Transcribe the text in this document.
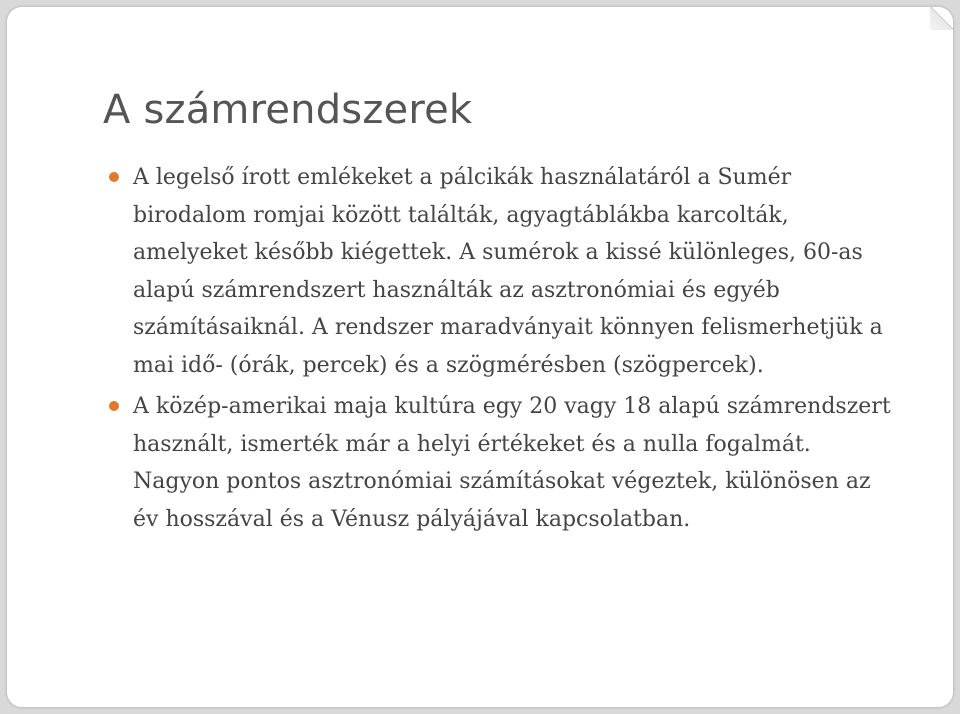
A számrendszerek
A legelső írott emlékeket a pálcikák használatáról a Sumér birodalom romjai között találták, agyagtáblákba karcolták, amelyeket később kiégettek. A sumérok a kissé különleges, 60-as alapú számrendszert használták az asztronómiai és egyéb számításaiknál. A rendszer maradványait könnyen felismerhetjük a mai idő- (órák, percek) és a szögmérésben (szögpercek).
A közép-amerikai maja kultúra egy 20 vagy 18 alapú számrendszert használt, ismerték már a helyi értékeket és a nulla fogalmát. Nagyon pontos asztronómiai számításokat végeztek, különösen az év hosszával és a Vénusz pályájával kapcsolatban.
